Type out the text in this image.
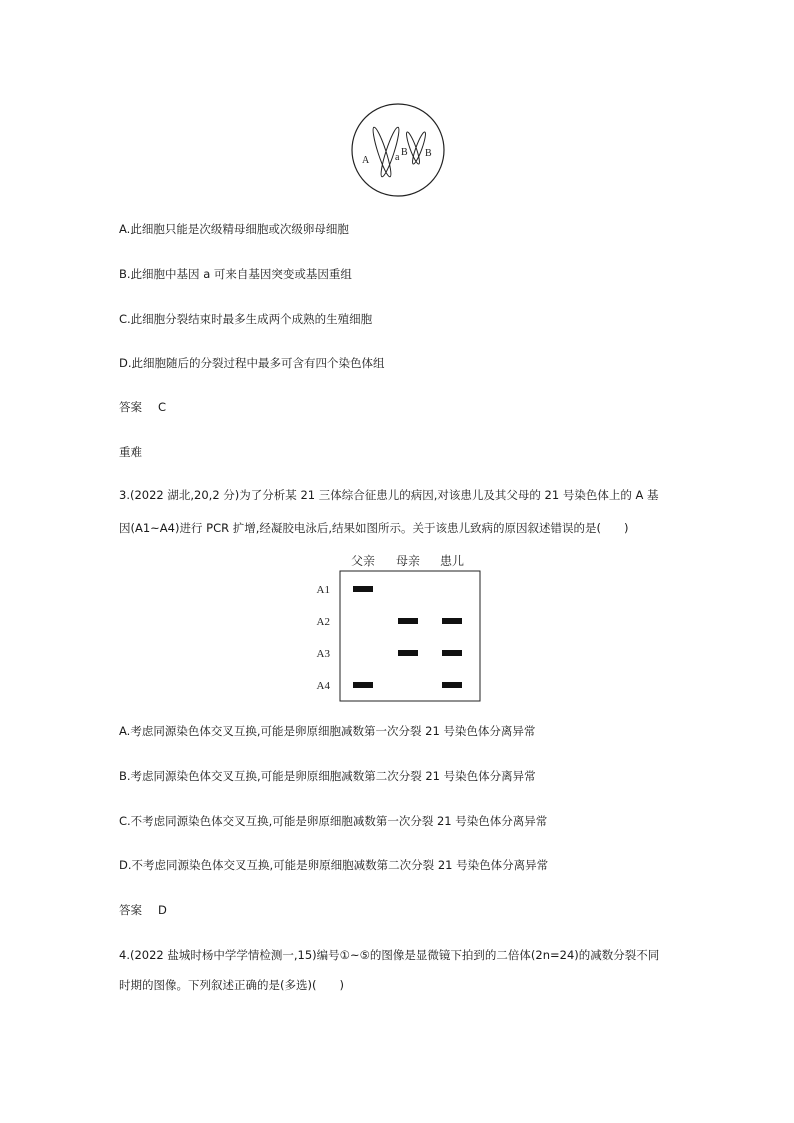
A	a B B
A.此细胞只能是次级精母细胞或次级卵母细胞
B.此细胞中基因 a 可来自基因突变或基因重组
C.此细胞分裂结束时最多生成两个成熟的生殖细胞
D.此细胞随后的分裂过程中最多可含有四个染色体组
答案 C
重难
3.(2022 湖北,20,2 分)为了分析某 21 三体综合征患儿的病因,对该患儿及其父母的 21 号染色体上的 A 基
因(A1~A4)进行 PCR 扩增,经凝胶电泳后,结果如图所示。关于该患儿致病的原因叙述错误的是(　　)
父亲 母亲 患儿
A1
A2
A3
A4
A.考虑同源染色体交叉互换,可能是卵原细胞减数第一次分裂 21 号染色体分离异常
B.考虑同源染色体交叉互换,可能是卵原细胞减数第二次分裂 21 号染色体分离异常
C.不考虑同源染色体交叉互换,可能是卵原细胞减数第一次分裂 21 号染色体分离异常
D.不考虑同源染色体交叉互换,可能是卵原细胞减数第二次分裂 21 号染色体分离异常
答案 D
4.(2022 盐城时杨中学学情检测一,15)编号①~⑤的图像是显微镜下拍到的二倍体(2n=24)的减数分裂不同
时期的图像。下列叙述正确的是(多选)(　　)
